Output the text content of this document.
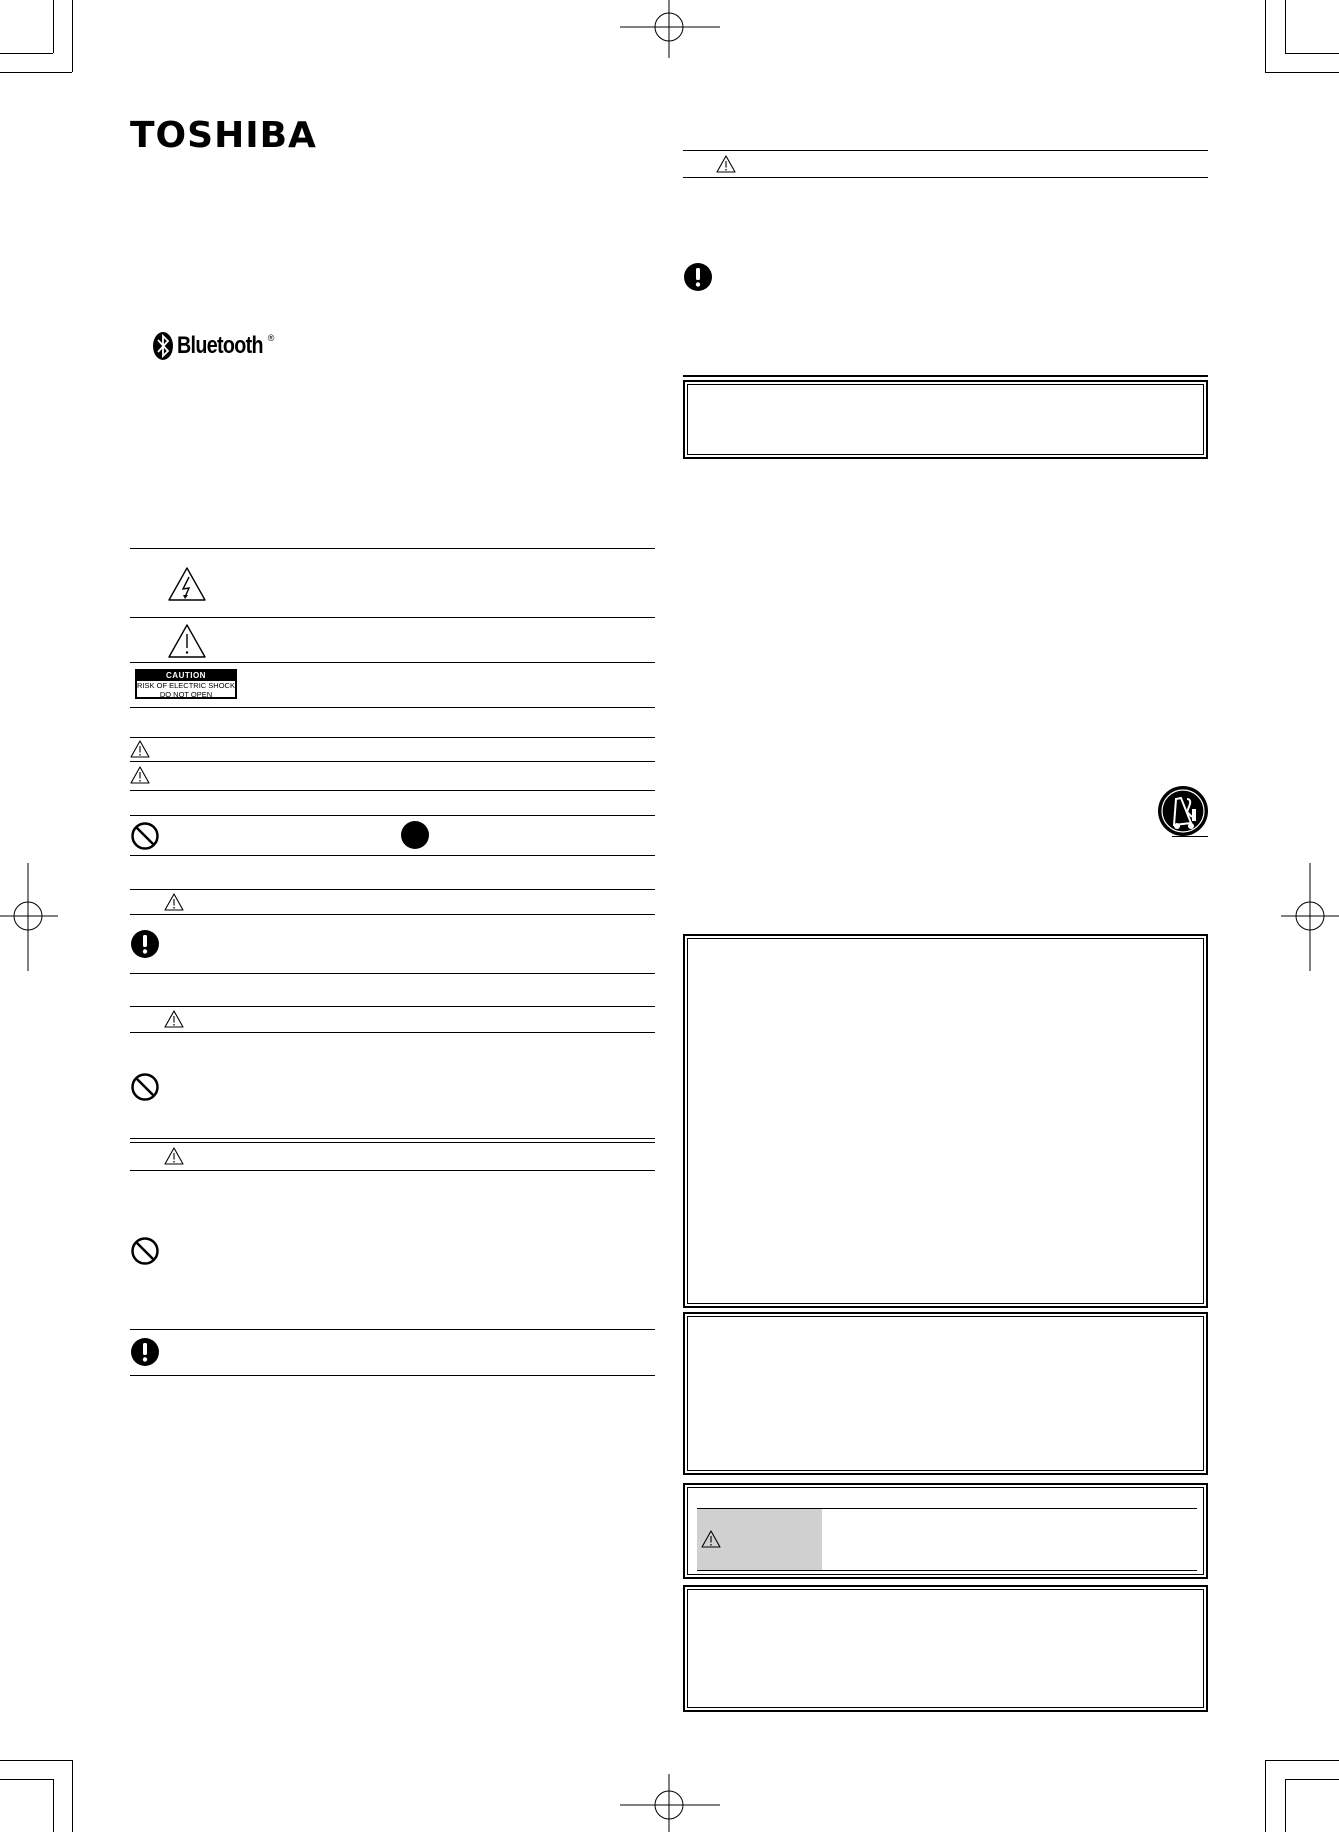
TOSHIBA
Bluetooth ®
CAUTION
RISK OF ELECTRIC SHOCK
DO NOT OPEN
